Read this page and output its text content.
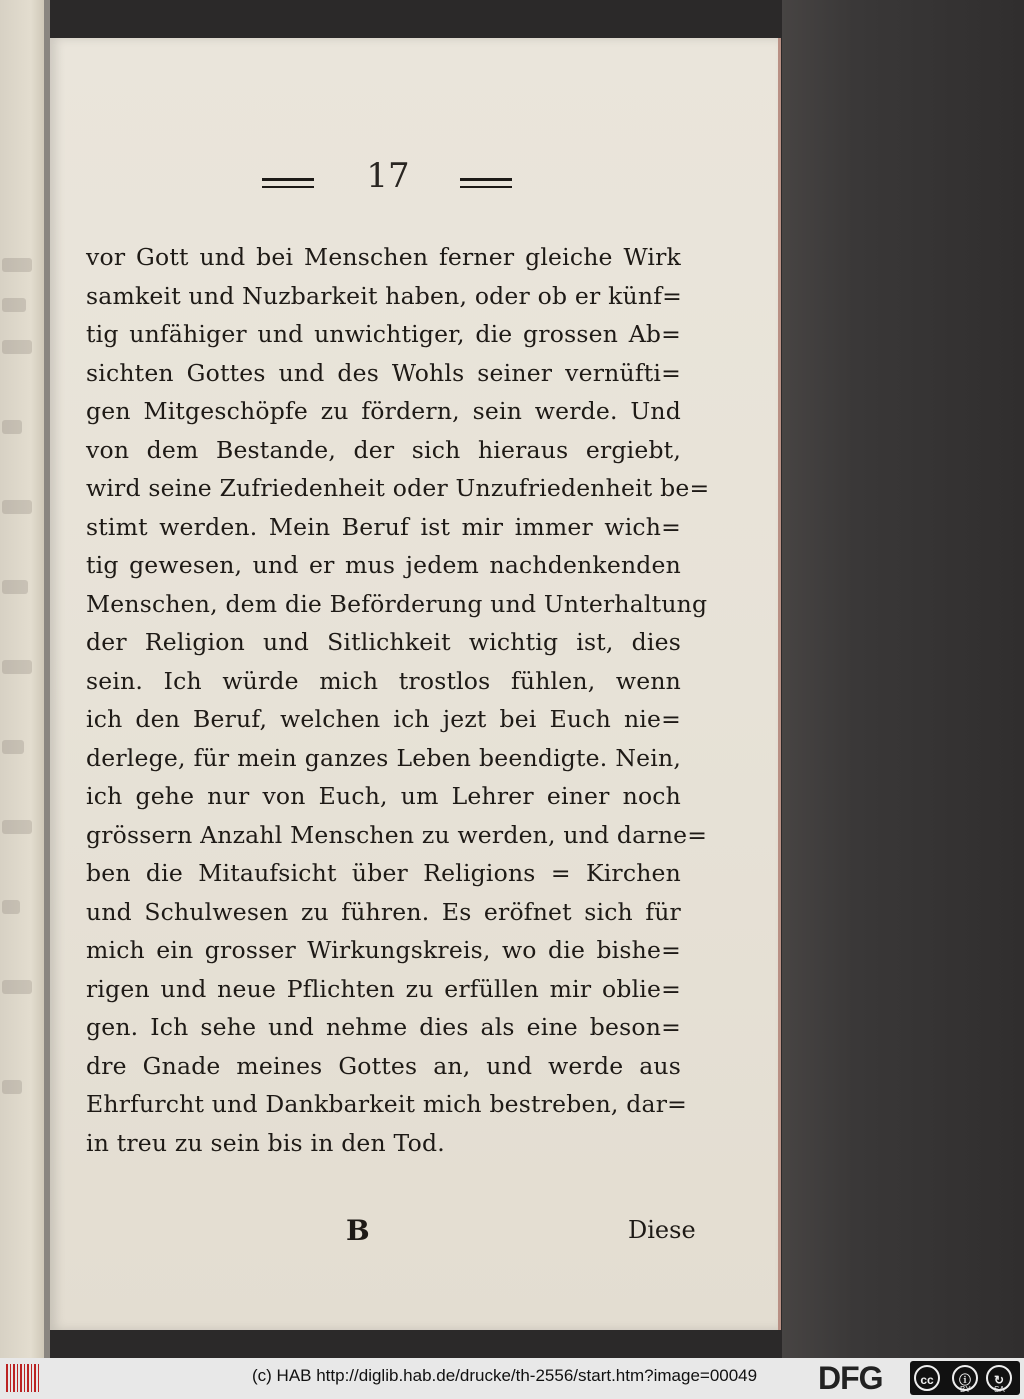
17
vor Gott und bei Menschen ferner gleiche Wirk
samkeit und Nuzbarkeit haben, oder ob er künf=
tig unfähiger und unwichtiger, die grossen Ab=
sichten Gottes und des Wohls seiner vernüfti=
gen Mitgeschöpfe zu fördern, sein werde. Und
von dem Bestande, der sich hieraus ergiebt,
wird seine Zufriedenheit oder Unzufriedenheit be=
stimt werden. Mein Beruf ist mir immer wich=
tig gewesen, und er mus jedem nachdenkenden
Menschen, dem die Beförderung und Unterhaltung
der Religion und Sitlichkeit wichtig ist, dies
sein. Ich würde mich trostlos fühlen, wenn
ich den Beruf, welchen ich jezt bei Euch nie=
derlege, für mein ganzes Leben beendigte. Nein,
ich gehe nur von Euch, um Lehrer einer noch
grössern Anzahl Menschen zu werden, und darne=
ben die Mitaufsicht über Religions = Kirchen
und Schulwesen zu führen. Es eröfnet sich für
mich ein grosser Wirkungskreis, wo die bishe=
rigen und neue Pflichten zu erfüllen mir oblie=
gen. Ich sehe und nehme dies als eine beson=
dre Gnade meines Gottes an, und werde aus
Ehrfurcht und Dankbarkeit mich bestreben, dar=
in treu zu sein bis in den Tod.
B	Diese
(c) HAB http://diglib.hab.de/drucke/th-2556/start.htm?image=00049 DFG	cc	ⓘ	↻
BY	SA
